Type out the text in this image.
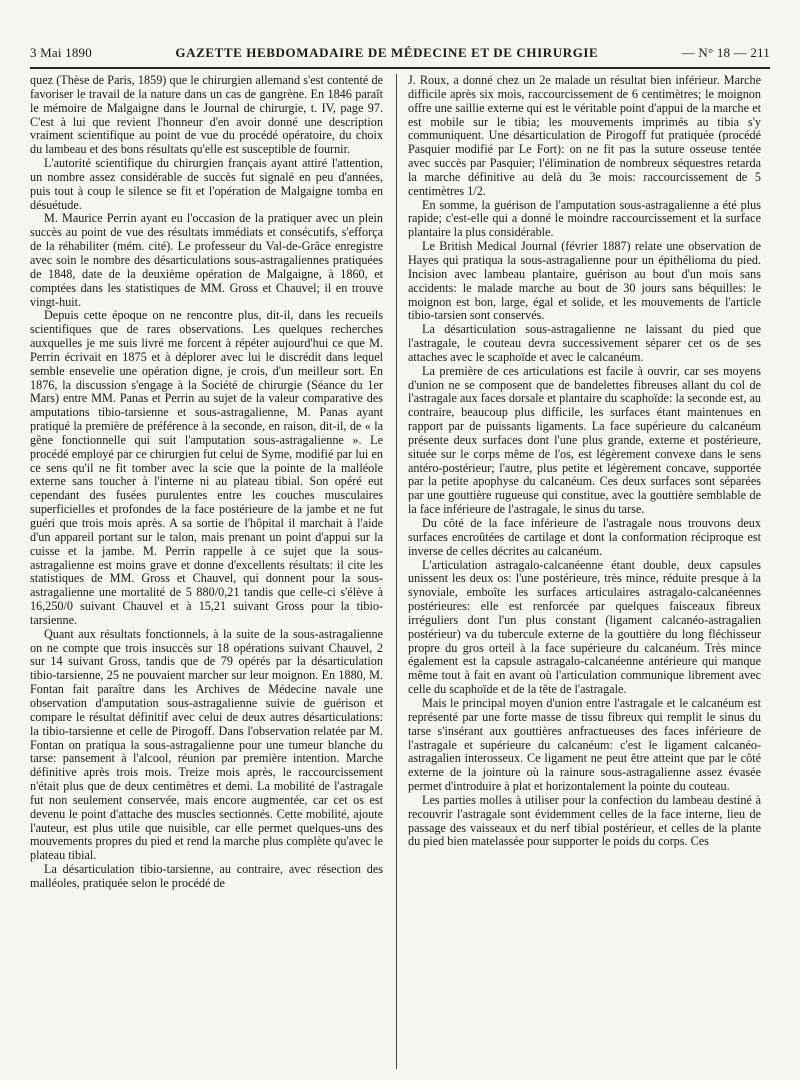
3 Mai 1890	GAZETTE HEBDOMADAIRE DE MÉDECINE ET DE CHIRURGIE	— N° 18 — 211

quez (Thèse de Paris, 1859) que le chirurgien allemand s'est contenté de favoriser le travail de la nature dans un cas de gangrène. En 1846 paraît le mémoire de Malgaigne dans le Journal de chirurgie, t. IV, page 97. C'est à lui que revient l'honneur d'en avoir donné une description vraiment scientifique au point de vue du procédé opératoire, du choix du lambeau et des bons résultats qu'elle est susceptible de fournir.

L'autorité scientifique du chirurgien français ayant attiré l'attention, un nombre assez considérable de succès fut signalé en peu d'années, puis tout à coup le silence se fit et l'opération de Malgaigne tomba en désuétude.

M. Maurice Perrin ayant eu l'occasion de la pratiquer avec un plein succès au point de vue des résultats immédiats et consécutifs, s'efforça de la réhabiliter (mém. cité). Le professeur du Val-de-Grâce enregistre avec soin le nombre des désarticulations sous-astragaliennes pratiquées de 1848, date de la deuxième opération de Malgaigne, à 1860, et comptées dans les statistiques de MM. Gross et Chauvel; il en trouve vingt-huit.

Depuis cette époque on ne rencontre plus, dit-il, dans les recueils scientifiques que de rares observations. Les quelques recherches auxquelles je me suis livré me forcent à répéter aujourd'hui ce que M. Perrin écrivait en 1875 et à déplorer avec lui le discrédit dans lequel semble ensevelie une opération digne, je crois, d'un meilleur sort. En 1876, la discussion s'engage à la Société de chirurgie (Séance du 1er Mars) entre MM. Panas et Perrin au sujet de la valeur comparative des amputations tibio-tarsienne et sous-astragalienne, M. Panas ayant pratiqué la première de préférence à la seconde, en raison, dit-il, de « la gêne fonctionnelle qui suit l'amputation sous-astragalienne ». Le procédé employé par ce chirurgien fut celui de Syme, modifié par lui en ce sens qu'il ne fit tomber avec la scie que la pointe de la malléole externe sans toucher à l'interne ni au plateau tibial. Son opéré eut cependant des fusées purulentes entre les couches musculaires superficielles et profondes de la face postérieure de la jambe et ne fut guéri que trois mois après. A sa sortie de l'hôpital il marchait à l'aide d'un appareil portant sur le talon, mais prenant un point d'appui sur la cuisse et la jambe. M. Perrin rappelle à ce sujet que la sous-astragalienne est moins grave et donne d'excellents résultats: il cite les statistiques de MM. Gross et Chauvel, qui donnent pour la sous-astragalienne une mortalité de 5 880/0,21 tandis que celle-ci s'élève à 16,250/0 suivant Chauvel et à 15,21 suivant Gross pour la tibio-tarsienne.

Quant aux résultats fonctionnels, à la suite de la sous-astragalienne on ne compte que trois insuccès sur 18 opérations suivant Chauvel, 2 sur 14 suivant Gross, tandis que de 79 opérés par la désarticulation tibio-tarsienne, 25 ne pouvaient marcher sur leur moignon. En 1880, M. Fontan fait paraître dans les Archives de Médecine navale une observation d'amputation sous-astragalienne suivie de guérison et compare le résultat définitif avec celui de deux autres désarticulations: la tibio-tarsienne et celle de Pirogoff. Dans l'observation relatée par M. Fontan on pratiqua la sous-astragalienne pour une tumeur blanche du tarse: pansement à l'alcool, réunion par première intention. Marche définitive après trois mois. Treize mois après, le raccourcissement n'était plus que de deux centimètres et demi. La mobilité de l'astragale fut non seulement conservée, mais encore augmentée, car cet os est devenu le point d'attache des muscles sectionnés. Cette mobilité, ajoute l'auteur, est plus utile que nuisible, car elle permet quelques-uns des mouvements propres du pied et rend la marche plus complète qu'avec le plateau tibial.

La désarticulation tibio-tarsienne, au contraire, avec résection des malléoles, pratiquée selon le procédé de

J. Roux, a donné chez un 2e malade un résultat bien inférieur. Marche difficile après six mois, raccourcissement de 6 centimètres; le moignon offre une saillie externe qui est le véritable point d'appui de la marche et est mobile sur le tibia; les mouvements imprimés au tibia s'y communiquent. Une désarticulation de Pirogoff fut pratiquée (procédé Pasquier modifié par Le Fort): on ne fit pas la suture osseuse tentée avec succès par Pasquier; l'élimination de nombreux séquestres retarda la marche définitive au delà du 3e mois: raccourcissement de 5 centimètres 1/2.

En somme, la guérison de l'amputation sous-astragalienne a été plus rapide; c'est-elle qui a donné le moindre raccourcissement et la surface plantaire la plus considérable.

Le British Medical Journal (février 1887) relate une observation de Hayes qui pratiqua la sous-astragalienne pour un épithélioma du pied. Incision avec lambeau plantaire, guérison au bout d'un mois sans accidents: le malade marche au bout de 30 jours sans béquilles: le moignon est bon, large, égal et solide, et les mouvements de l'article tibio-tarsien sont conservés.

La désarticulation sous-astragalienne ne laissant du pied que l'astragale, le couteau devra successivement séparer cet os de ses attaches avec le scaphoïde et avec le calcanéum.

La première de ces articulations est facile à ouvrir, car ses moyens d'union ne se composent que de bandelettes fibreuses allant du col de l'astragale aux faces dorsale et plantaire du scaphoïde: la seconde est, au contraire, beaucoup plus difficile, les surfaces étant maintenues en rapport par de puissants ligaments. La face supérieure du calcanéum présente deux surfaces dont l'une plus grande, externe et postérieure, située sur le corps même de l'os, est légèrement convexe dans le sens antéro-postérieur; l'autre, plus petite et légèrement concave, supportée par la petite apophyse du calcanéum. Ces deux surfaces sont séparées par une gouttière rugueuse qui constitue, avec la gouttière semblable de la face inférieure de l'astragale, le sinus du tarse.

Du côté de la face inférieure de l'astragale nous trouvons deux surfaces encroûtées de cartilage et dont la conformation réciproque est inverse de celles décrites au calcanéum.

L'articulation astragalo-calcanéenne étant double, deux capsules unissent les deux os: l'une postérieure, très mince, réduite presque à la synoviale, emboîte les surfaces articulaires astragalo-calcanéennes postérieures: elle est renforcée par quelques faisceaux fibreux irréguliers dont l'un plus constant (ligament calcanéo-astragalien postérieur) va du tubercule externe de la gouttière du long fléchisseur propre du gros orteil à la face supérieure du calcanéum. Très mince également est la capsule astragalo-calcanéenne antérieure qui manque même tout à fait en avant où l'articulation communique librement avec celle du scaphoïde et de la tête de l'astragale.

Mais le principal moyen d'union entre l'astragale et le calcanéum est représenté par une forte masse de tissu fibreux qui remplit le sinus du tarse s'insérant aux gouttières anfractueuses des faces inférieure de l'astragale et supérieure du calcanéum: c'est le ligament calcanéo-astragalien interosseux. Ce ligament ne peut être atteint que par le côté externe de la jointure où la rainure sous-astragalienne assez évasée permet d'introduire à plat et horizontalement la pointe du couteau.

Les parties molles à utiliser pour la confection du lambeau destiné à recouvrir l'astragale sont évidemment celles de la face interne, lieu de passage des vaisseaux et du nerf tibial postérieur, et celles de la plante du pied bien matelassée pour supporter le poids du corps. Ces
